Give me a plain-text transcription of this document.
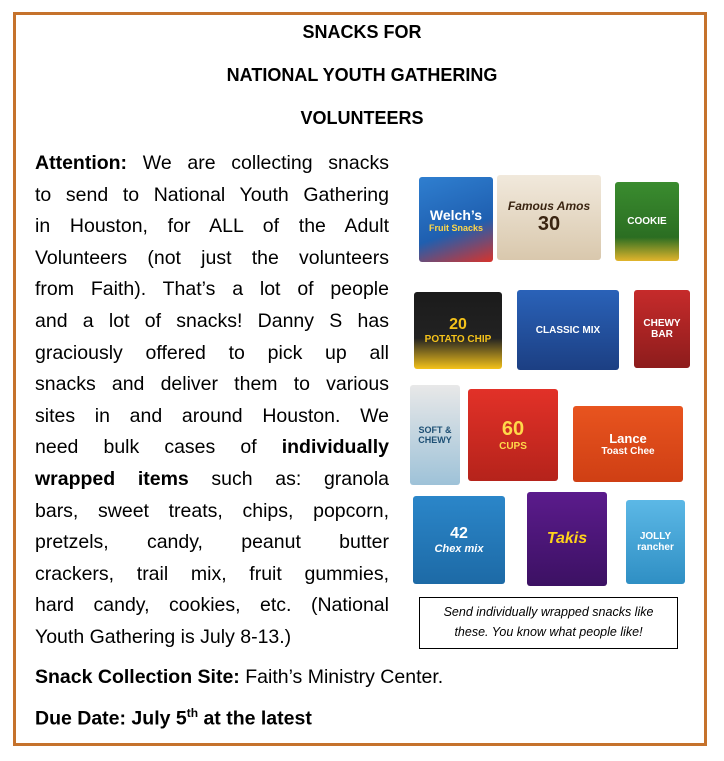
SNACKS FOR
NATIONAL YOUTH GATHERING
VOLUNTEERS
Attention: We are collecting snacks
to send to National Youth Gathering
in Houston, for ALL of the Adult
Volunteers (not just the volunteers
from Faith). That’s a lot of people
and a lot of snacks! Danny S has
graciously offered to pick up all
snacks and deliver them to various
sites in and around Houston. We
need bulk cases of individually
wrapped items such as: granola
bars, sweet treats, chips, popcorn,
pretzels, candy, peanut butter
crackers, trail mix, fruit gummies,
hard candy, cookies, etc. (National
Youth Gathering is July 8-13.)
Welch’s
Fruit Snacks
Famous Amos
30	COOKIE
20
POTATO CHIP
CLASSIC MIX
CHEWY BAR
SOFT & CHEWY	60
CUPS
Lance
Toast Chee
42
Chex mix
Takis	JOLLY rancher
Send individually wrapped snacks like
these. You know what people like!
Snack Collection Site: Faith’s Ministry Center.
Due Date: July 5th at the latest
